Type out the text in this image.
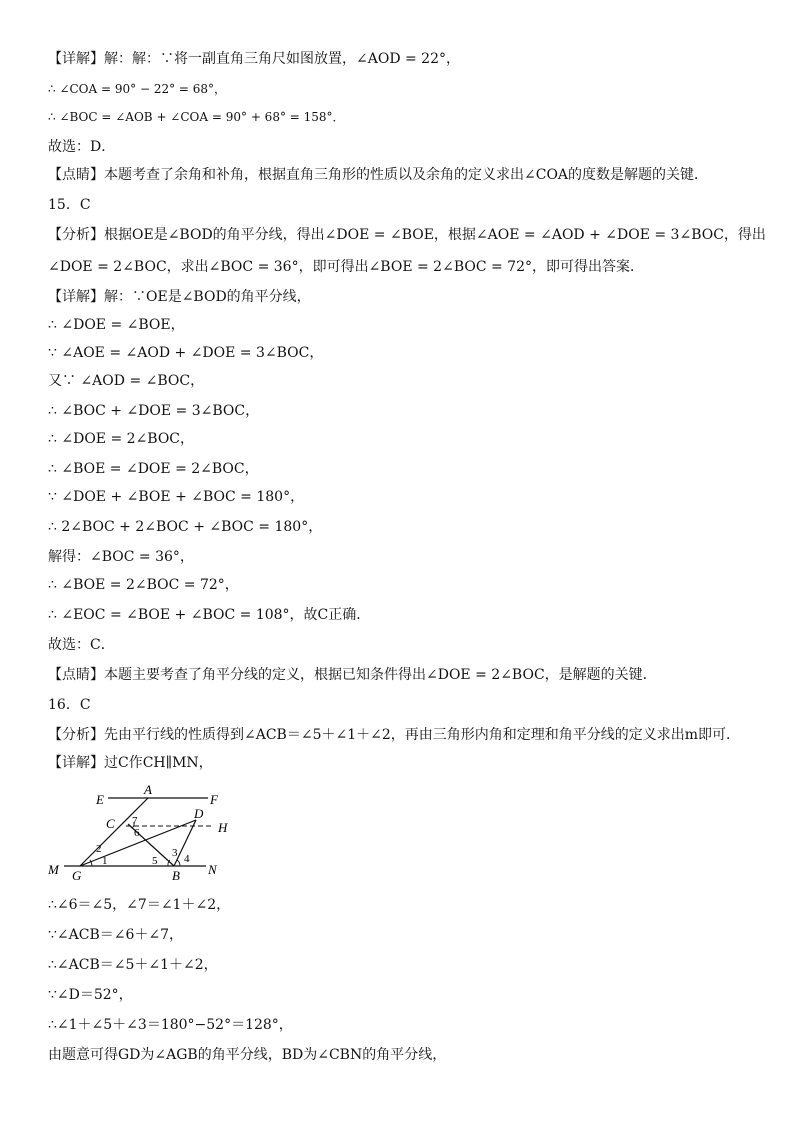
【详解】解：解：∵将一副直角三角尺如图放置，∠AOD = 22°，
∴ ∠COA = 90° − 22° = 68°，
∴ ∠BOC = ∠AOB + ∠COA = 90° + 68° = 158°．
故选：D．
【点睛】本题考查了余角和补角，根据直角三角形的性质以及余角的定义求出∠COA的度数是解题的关键．
15．C
【分析】根据OE是∠BOD的角平分线，得出∠DOE = ∠BOE，根据∠AOE = ∠AOD + ∠DOE = 3∠BOC，得出
∠DOE = 2∠BOC，求出∠BOC = 36°，即可得出∠BOE = 2∠BOC = 72°，即可得出答案．
【详解】解：∵OE是∠BOD的角平分线，
∴ ∠DOE = ∠BOE，
∵ ∠AOE = ∠AOD + ∠DOE = 3∠BOC，
又∵ ∠AOD = ∠BOC，
∴ ∠BOC + ∠DOE = 3∠BOC，
∴ ∠DOE = 2∠BOC，
∴ ∠BOE = ∠DOE = 2∠BOC，
∵ ∠DOE + ∠BOE + ∠BOC = 180°，
∴ 2∠BOC + 2∠BOC + ∠BOC = 180°，
解得：∠BOC = 36°，
∴ ∠BOE = 2∠BOC = 72°，
∴ ∠EOC = ∠BOE + ∠BOC = 108°，故C正确．
故选：C．
【点睛】本题主要考查了角平分线的定义，根据已知条件得出∠DOE = 2∠BOC，是解题的关键．
16．C
【分析】先由平行线的性质得到∠ACB＝∠5＋∠1＋∠2，再由三角形内角和定理和角平分线的定义求出m即可．
【详解】过C作CH∥MN，
E
A
F
C
D
H
M G	B N
1
2	3 4
5
6
7
∴∠6＝∠5，∠7＝∠1＋∠2，
∵∠ACB＝∠6＋∠7，
∴∠ACB＝∠5＋∠1＋∠2，
∵∠D＝52°，
∴∠1＋∠5＋∠3＝180°−52°＝128°，
由题意可得GD为∠AGB的角平分线，BD为∠CBN的角平分线，
